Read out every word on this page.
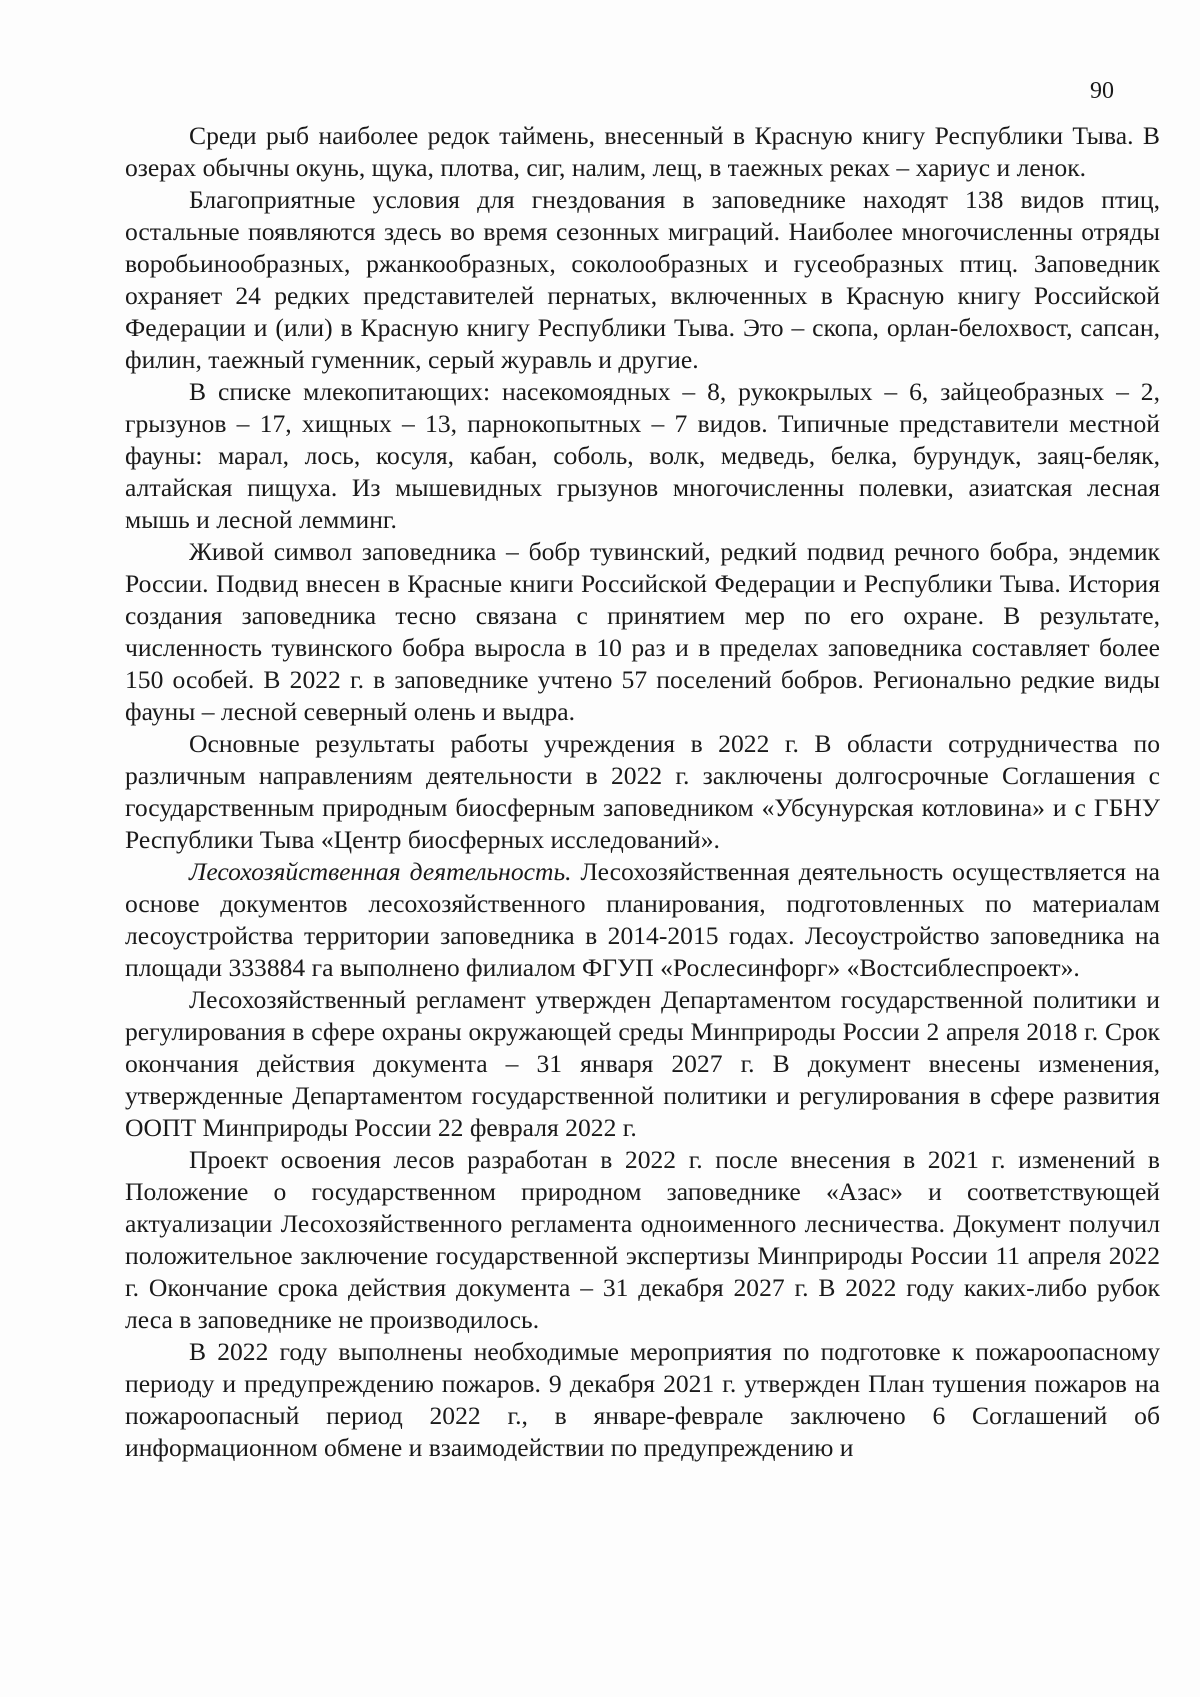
90

Среди рыб наиболее редок таймень, внесенный в Красную книгу Республики Тыва. В озерах обычны окунь, щука, плотва, сиг, налим, лещ, в таежных реках – хариус и ленок.

Благоприятные условия для гнездования в заповеднике находят 138 видов птиц, остальные появляются здесь во время сезонных миграций. Наиболее многочисленны отряды воробьинообразных, ржанкообразных, соколообразных и гусеобразных птиц. Заповедник охраняет 24 редких представителей пернатых, включенных в Красную книгу Российской Федерации и (или) в Красную книгу Республики Тыва. Это – скопа, орлан-белохвост, сапсан, филин, таежный гуменник, серый журавль и другие.

В списке млекопитающих: насекомоядных – 8, рукокрылых – 6, зайцеобразных – 2, грызунов – 17, хищных – 13, парнокопытных – 7 видов. Типичные представители местной фауны: марал, лось, косуля, кабан, соболь, волк, медведь, белка, бурундук, заяц-беляк, алтайская пищуха. Из мышевидных грызунов многочисленны полевки, азиатская лесная мышь и лесной лемминг.

Живой символ заповедника – бобр тувинский, редкий подвид речного бобра, эндемик России. Подвид внесен в Красные книги Российской Федерации и Республики Тыва. История создания заповедника тесно связана с принятием мер по его охране. В результате, численность тувинского бобра выросла в 10 раз и в пределах заповедника составляет более 150 особей. В 2022 г. в заповеднике учтено 57 поселений бобров. Регионально редкие виды фауны – лесной северный олень и выдра.

Основные результаты работы учреждения в 2022 г. В области сотрудничества по различным направлениям деятельности в 2022 г. заключены долгосрочные Соглашения с государственным природным биосферным заповедником «Убсунурская котловина» и с ГБНУ Республики Тыва «Центр биосферных исследований».

Лесохозяйственная деятельность. Лесохозяйственная деятельность осуществляется на основе документов лесохозяйственного планирования, подготовленных по материалам лесоустройства территории заповедника в 2014-2015 годах. Лесоустройство заповедника на площади 333884 га выполнено филиалом ФГУП «Рослесинфорг» «Востсиблеспроект».

Лесохозяйственный регламент утвержден Департаментом государственной политики и регулирования в сфере охраны окружающей среды Минприроды России 2 апреля 2018 г. Срок окончания действия документа – 31 января 2027 г. В документ внесены изменения, утвержденные Департаментом государственной политики и регулирования в сфере развития ООПТ Минприроды России 22 февраля 2022 г.

Проект освоения лесов разработан в 2022 г. после внесения в 2021 г. изменений в Положение о государственном природном заповеднике «Азас» и соответствующей актуализации Лесохозяйственного регламента одноименного лесничества. Документ получил положительное заключение государственной экспертизы Минприроды России 11 апреля 2022 г. Окончание срока действия документа – 31 декабря 2027 г. В 2022 году каких-либо рубок леса в заповеднике не производилось.

В 2022 году выполнены необходимые мероприятия по подготовке к пожароопасному периоду и предупреждению пожаров. 9 декабря 2021 г. утвержден План тушения пожаров на пожароопасный период 2022 г., в январе-феврале заключено 6 Соглашений об информационном обмене и взаимодействии по предупреждению и
